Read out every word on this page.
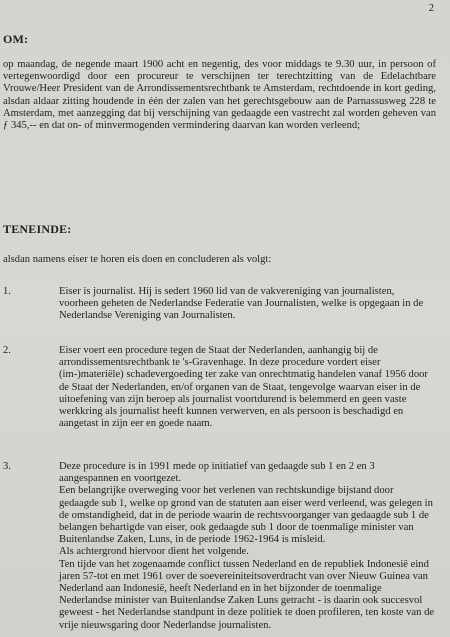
2
OM:
op maandag, de negende maart 1900 acht en negentig, des voor middags te 9.30 uur, in persoon of vertegenwoordigd door een procureur te verschijnen ter terechtzitting van de Edelachtbare Vrouwe/Heer President van de Arrondissementsrechtbank te Amsterdam, rechtdoende in kort geding, alsdan aldaar zitting houdende in één der zalen van het gerechtsgebouw aan de Parnassusweg 228 te Amsterdam, met aanzegging dat bij verschijning van gedaagde een vastrecht zal worden geheven van ƒ 345,-- en dat on- of minvermogenden vermindering daarvan kan worden verleend;
TENEINDE:
alsdan namens eiser te horen eis doen en concluderen als volgt:
1.	Eiser is journalist. Hij is sedert 1960 lid van de vakvereniging van journalisten, voorheen geheten de Nederlandse Federatie van Journalisten, welke is opgegaan in de Nederlandse Vereniging van Journalisten.
2.	Eiser voert een procedure tegen de Staat der Nederlanden, aanhangig bij de arrondissementsrechtbank te 's-Gravenhage. In deze procedure vordert eiser (im-)materiële) schadevergoeding ter zake van onrechtmatig handelen vanaf 1956 door de Staat der Nederlanden, en/of organen van de Staat, tengevolge waarvan eiser in de uitoefening van zijn beroep als journalist voortdurend is belemmerd en geen vaste werkkring als journalist heeft kunnen verwerven, en als persoon is beschadigd en aangetast in zijn eer en goede naam.
3.	Deze procedure is in 1991 mede op initiatief van gedaagde sub 1 en 2 en 3 aangespannen en voortgezet.
Een belangrijke overweging voor het verlenen van rechtskundige bijstand door gedaagde sub 1, welke op grond van de statuten aan eiser werd verleend, was gelegen in de omstandigheid, dat in de periode waarin de rechtsvoorganger van gedaagde sub 1 de belangen behartigde van eiser, ook gedaagde sub 1 door de toenmalige minister van Buitenlandse Zaken, Luns, in de periode 1962-1964 is misleid.
Als achtergrond hiervoor dient het volgende.
Ten tijde van het zogenaamde conflict tussen Nederland en de republiek Indonesië eind jaren 57-tot en met 1961 over de soevereiniteitsoverdracht van over Nieuw Guinea van Nederland aan Indonesië, heeft Nederland en in het bijzonder de toenmalige Nederlandse minister van Buitenlandse Zaken Luns getracht - is daarin ook succesvol geweest - het Nederlandse standpunt in deze politiek te doen profileren, ten koste van de vrije nieuwsgaring door Nederlandse journalisten.
